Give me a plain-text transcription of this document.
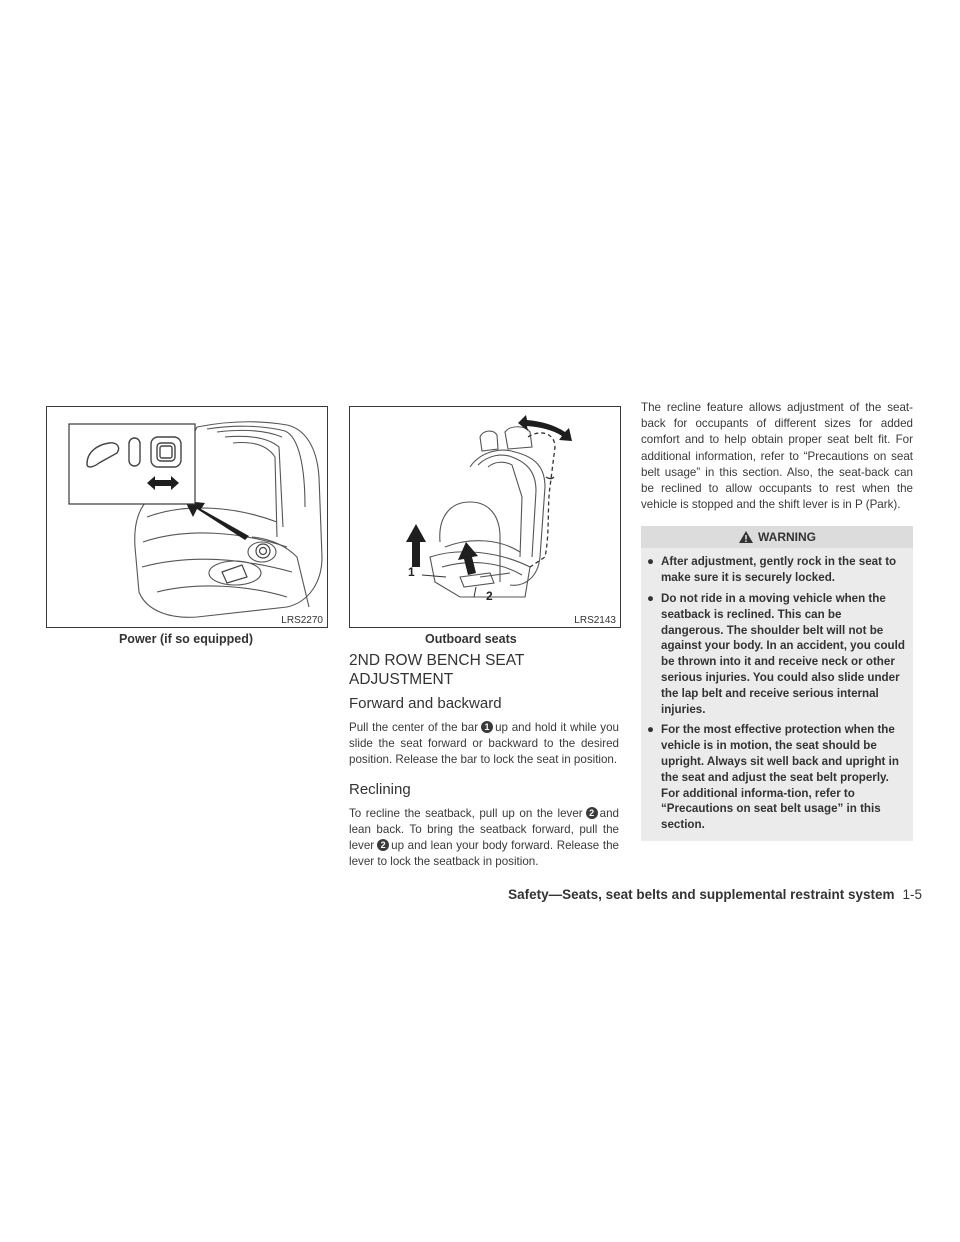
LRS2270
Power (if so equipped)
1
2
LRS2143
Outboard seats
2ND ROW BENCH SEAT
ADJUSTMENT
Forward and backward

Pull the center of the bar 1 up and hold it while you slide the seat forward or backward to the desired position. Release the bar to lock the seat in position.

Reclining

To recline the seatback, pull up on the lever 2 and lean back. To bring the seatback forward, pull the lever 2 up and lean your body forward. Release the lever to lock the seatback in position.

The recline feature allows adjustment of the seat-back for occupants of different sizes for added comfort and to help obtain proper seat belt fit. For additional information, refer to “Precautions on seat belt usage” in this section. Also, the seat-back can be reclined to allow occupants to rest when the vehicle is stopped and the shift lever is in P (Park).

WARNING
● After adjustment, gently rock in the seat to make sure it is securely locked.
● Do not ride in a moving vehicle when the seatback is reclined. This can be dangerous. The shoulder belt will not be against your body. In an accident, you could be thrown into it and receive neck or other serious injuries. You could also slide under the lap belt and receive serious internal injuries.
● For the most effective protection when the vehicle is in motion, the seat should be upright. Always sit well back and upright in the seat and adjust the seat belt properly. For additional informa-tion, refer to “Precautions on seat belt usage” in this section.
Safety—Seats, seat belts and supplemental restraint system 1-5
